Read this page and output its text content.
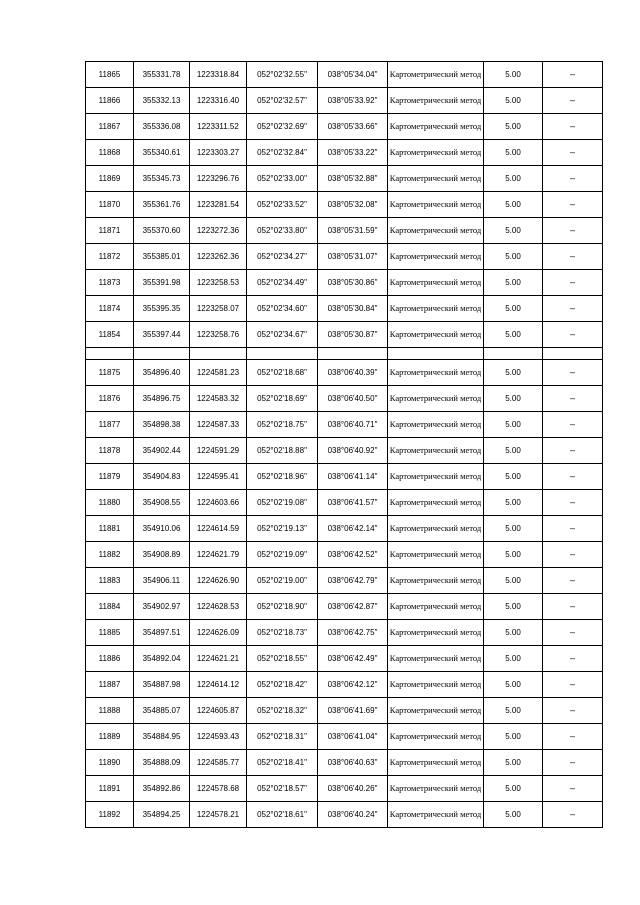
11865	355331.78	1223318.84	052°02'32.55"	038°05'34.04"	Картометрический метод	5.00	–
11866	355332.13	1223316.40	052°02'32.57"	038°05'33.92"	Картометрический метод	5.00	–
11867	355336.08	1223311.52	052°02'32.69"	038°05'33.66"	Картометрический метод	5.00	–
11868	355340.61	1223303.27	052°02'32.84"	038°05'33.22"	Картометрический метод	5.00	–
11869	355345.73	1223296.76	052°02'33.00"	038°05'32.88"	Картометрический метод	5.00	–
11870	355361.76	1223281.54	052°02'33.52"	038°05'32.08"	Картометрический метод	5.00	–
11871	355370.60	1223272.36	052°02'33.80"	038°05'31.59"	Картометрический метод	5.00	–
11872	355385.01	1223262.36	052°02'34.27"	038°05'31.07"	Картометрический метод	5.00	–
11873	355391.98	1223258.53	052°02'34.49"	038°05'30.86"	Картометрический метод	5.00	–
11874	355395.35	1223258.07	052°02'34.60"	038°05'30.84"	Картометрический метод	5.00	–
11854	355397.44	1223258.76	052°02'34.67"	038°05'30.87"	Картометрический метод	5.00	–

11875	354896.40	1224581.23	052°02'18.68"	038°06'40.39"	Картометрический метод	5.00	–
11876	354896.75	1224583.32	052°02'18.69"	038°06'40.50"	Картометрический метод	5.00	–
11877	354898.38	1224587.33	052°02'18.75"	038°06'40.71"	Картометрический метод	5.00	–
11878	354902.44	1224591.29	052°02'18.88"	038°06'40.92"	Картометрический метод	5.00	–
11879	354904.83	1224595.41	052°02'18.96"	038°06'41.14"	Картометрический метод	5.00	–
11880	354908.55	1224603.66	052°02'19.08"	038°06'41.57"	Картометрический метод	5.00	–
11881	354910.06	1224614.59	052°02'19.13"	038°06'42.14"	Картометрический метод	5.00	–
11882	354908.89	1224621.79	052°02'19.09"	038°06'42.52"	Картометрический метод	5.00	–
11883	354906.11	1224626.90	052°02'19.00"	038°06'42.79"	Картометрический метод	5.00	–
11884	354902.97	1224628.53	052°02'18.90"	038°06'42.87"	Картометрический метод	5.00	–
11885	354897.51	1224626.09	052°02'18.73"	038°06'42.75"	Картометрический метод	5.00	–
11886	354892.04	1224621.21	052°02'18.55"	038°06'42.49"	Картометрический метод	5.00	–
11887	354887.98	1224614.12	052°02'18.42"	038°06'42.12"	Картометрический метод	5.00	–
11888	354885.07	1224605.87	052°02'18.32"	038°06'41.69"	Картометрический метод	5.00	–
11889	354884.95	1224593.43	052°02'18.31"	038°06'41.04"	Картометрический метод	5.00	–
11890	354888.09	1224585.77	052°02'18.41"	038°06'40.63"	Картометрический метод	5.00	–
11891	354892.86	1224578.68	052°02'18.57"	038°06'40.26"	Картометрический метод	5.00	–
11892	354894.25	1224578.21	052°02'18.61"	038°06'40.24"	Картометрический метод	5.00	–
